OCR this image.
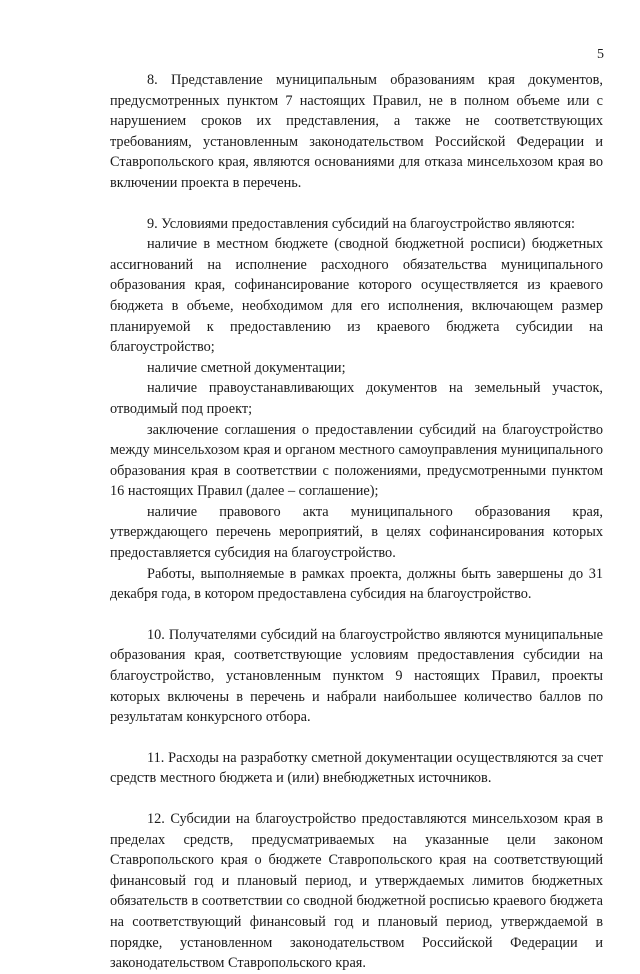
5

8. Представление муниципальным образованиям края документов, предусмотренных пунктом 7 настоящих Правил, не в полном объеме или с нарушением сроков их представления, а также не соответствующих требованиям, установленным законодательством Российской Федерации и Ставропольского края, являются основаниями для отказа минсельхозом края во включении проекта в перечень.

9. Условиями предоставления субсидий на благоустройство являются:

наличие в местном бюджете (сводной бюджетной росписи) бюджетных ассигнований на исполнение расходного обязательства муниципального образования края, софинансирование которого осуществляется из краевого бюджета в объеме, необходимом для его исполнения, включающем размер планируемой к предоставлению из краевого бюджета субсидии на благоустройство;

наличие сметной документации;

наличие правоустанавливающих документов на земельный участок, отводимый под проект;

заключение соглашения о предоставлении субсидий на благоустройство между минсельхозом края и органом местного самоуправления муниципального образования края в соответствии с положениями, предусмотренными пунктом 16 настоящих Правил (далее – соглашение);

наличие правового акта муниципального образования края, утверждающего перечень мероприятий, в целях софинансирования которых предоставляется субсидия на благоустройство.

Работы, выполняемые в рамках проекта, должны быть завершены до 31 декабря года, в котором предоставлена субсидия на благоустройство.

10. Получателями субсидий на благоустройство являются муниципальные образования края, соответствующие условиям предоставления субсидии на благоустройство, установленным пунктом 9 настоящих Правил, проекты которых включены в перечень и набрали наибольшее количество баллов по результатам конкурсного отбора.

11. Расходы на разработку сметной документации осуществляются за счет средств местного бюджета и (или) внебюджетных источников.

12. Субсидии на благоустройство предоставляются минсельхозом края в пределах средств, предусматриваемых на указанные цели законом Ставропольского края о бюджете Ставропольского края на соответствующий финансовый год и плановый период, и утверждаемых лимитов бюджетных обязательств в соответствии со сводной бюджетной росписью краевого бюджета на соответствующий финансовый год и плановый период, утверждаемой в порядке, установленном законодательством Российской Федерации и законодательством Ставропольского края.
